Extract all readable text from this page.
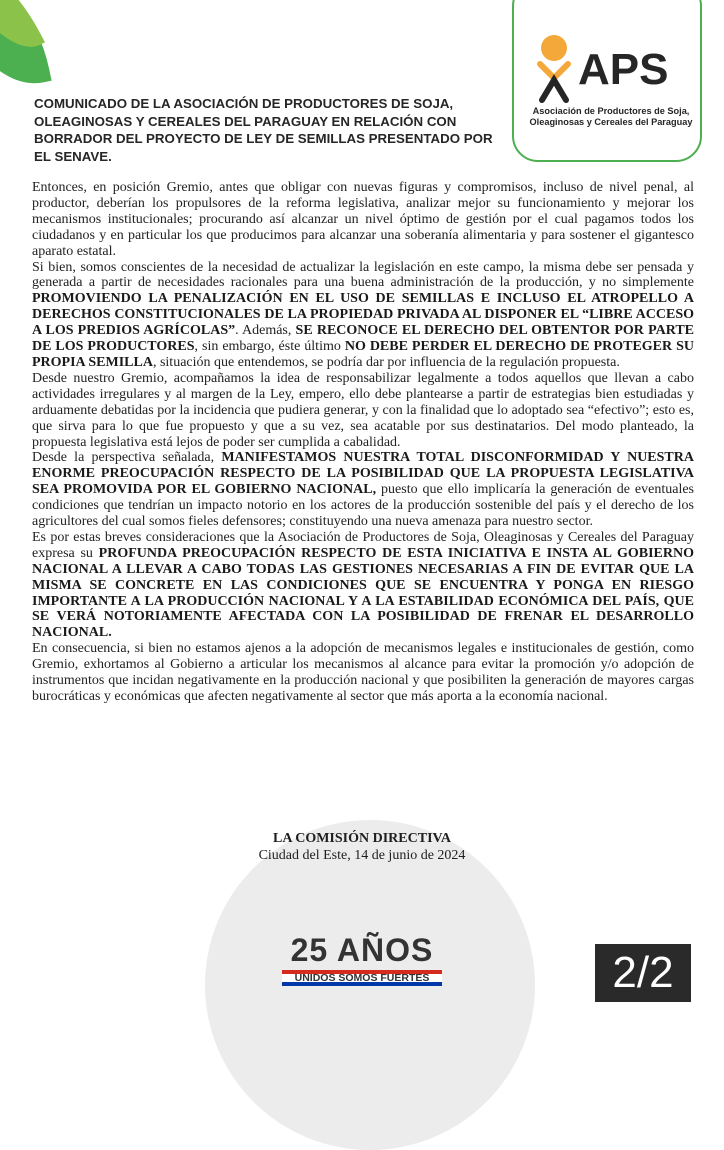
APS
Asociación de Productores de Soja, Oleaginosas y Cereales del Paraguay
COMUNICADO DE LA ASOCIACIÓN DE PRODUCTORES DE SOJA, OLEAGINOSAS Y CEREALES DEL PARAGUAY EN RELACIÓN CON BORRADOR DEL PROYECTO DE LEY DE SEMILLAS PRESENTADO POR EL SENAVE.

Entonces, en posición Gremio, antes que obligar con nuevas figuras y compromisos, incluso de nivel penal, al productor, deberían los propulsores de la reforma legislativa, analizar mejor su funcionamiento y mejorar los mecanismos institucionales; procurando así alcanzar un nivel óptimo de gestión por el cual pagamos todos los ciudadanos y en particular los que producimos para alcanzar una soberanía alimentaria y para sostener el gigantesco aparato estatal.

Si bien, somos conscientes de la necesidad de actualizar la legislación en este campo, la misma debe ser pensada y generada a partir de necesidades racionales para una buena administración de la producción, y no simplemente PROMOVIENDO LA PENALIZACIÓN EN EL USO DE SEMILLAS E INCLUSO EL ATROPELLO A DERECHOS CONSTITUCIONALES DE LA PROPIEDAD PRIVADA AL DISPONER EL “LIBRE ACCESO A LOS PREDIOS AGRÍCOLAS”. Además, SE RECONOCE EL DERECHO DEL OBTENTOR POR PARTE DE LOS PRODUCTORES, sin embargo, éste último NO DEBE PERDER EL DERECHO DE PROTEGER SU PROPIA SEMILLA, situación que entendemos, se podría dar por influencia de la regulación propuesta.

Desde nuestro Gremio, acompañamos la idea de responsabilizar legalmente a todos aquellos que llevan a cabo actividades irregulares y al margen de la Ley, empero, ello debe plantearse a partir de estrategias bien estudiadas y arduamente debatidas por la incidencia que pudiera generar, y con la finalidad que lo adoptado sea “efectivo”; esto es, que sirva para lo que fue propuesto y que a su vez, sea acatable por sus destinatarios. Del modo planteado, la propuesta legislativa está lejos de poder ser cumplida a cabalidad.

Desde la perspectiva señalada, MANIFESTAMOS NUESTRA TOTAL DISCONFORMIDAD Y NUESTRA ENORME PREOCUPACIÓN RESPECTO DE LA POSIBILIDAD QUE LA PROPUESTA LEGISLATIVA SEA PROMOVIDA POR EL GOBIERNO NACIONAL, puesto que ello implicaría la generación de eventuales condiciones que tendrían un impacto notorio en los actores de la producción sostenible del país y el derecho de los agricultores del cual somos fieles defensores; constituyendo una nueva amenaza para nuestro sector.

Es por estas breves consideraciones que la Asociación de Productores de Soja, Oleaginosas y Cereales del Paraguay expresa su PROFUNDA PREOCUPACIÓN RESPECTO DE ESTA INICIATIVA E INSTA AL GOBIERNO NACIONAL A LLEVAR A CABO TODAS LAS GESTIONES NECESARIAS A FIN DE EVITAR QUE LA MISMA SE CONCRETE EN LAS CONDICIONES QUE SE ENCUENTRA Y PONGA EN RIESGO IMPORTANTE A LA PRODUCCIÓN NACIONAL Y A LA ESTABILIDAD ECONÓMICA DEL PAÍS, QUE SE VERÁ NOTORIAMENTE AFECTADA CON LA POSIBILIDAD DE FRENAR EL DESARROLLO NACIONAL.

En consecuencia, si bien no estamos ajenos a la adopción de mecanismos legales e institucionales de gestión, como Gremio, exhortamos al Gobierno a articular los mecanismos al alcance para evitar la promoción y/o adopción de instrumentos que incidan negativamente en la producción nacional y que posibiliten la generación de mayores cargas burocráticas y económicas que afecten negativamente al sector que más aporta a la economía nacional.

LA COMISIÓN DIRECTIVA
Ciudad del Este, 14 de junio de 2024
25 AÑOS
UNIDOS SOMOS FUERTES	2/2
